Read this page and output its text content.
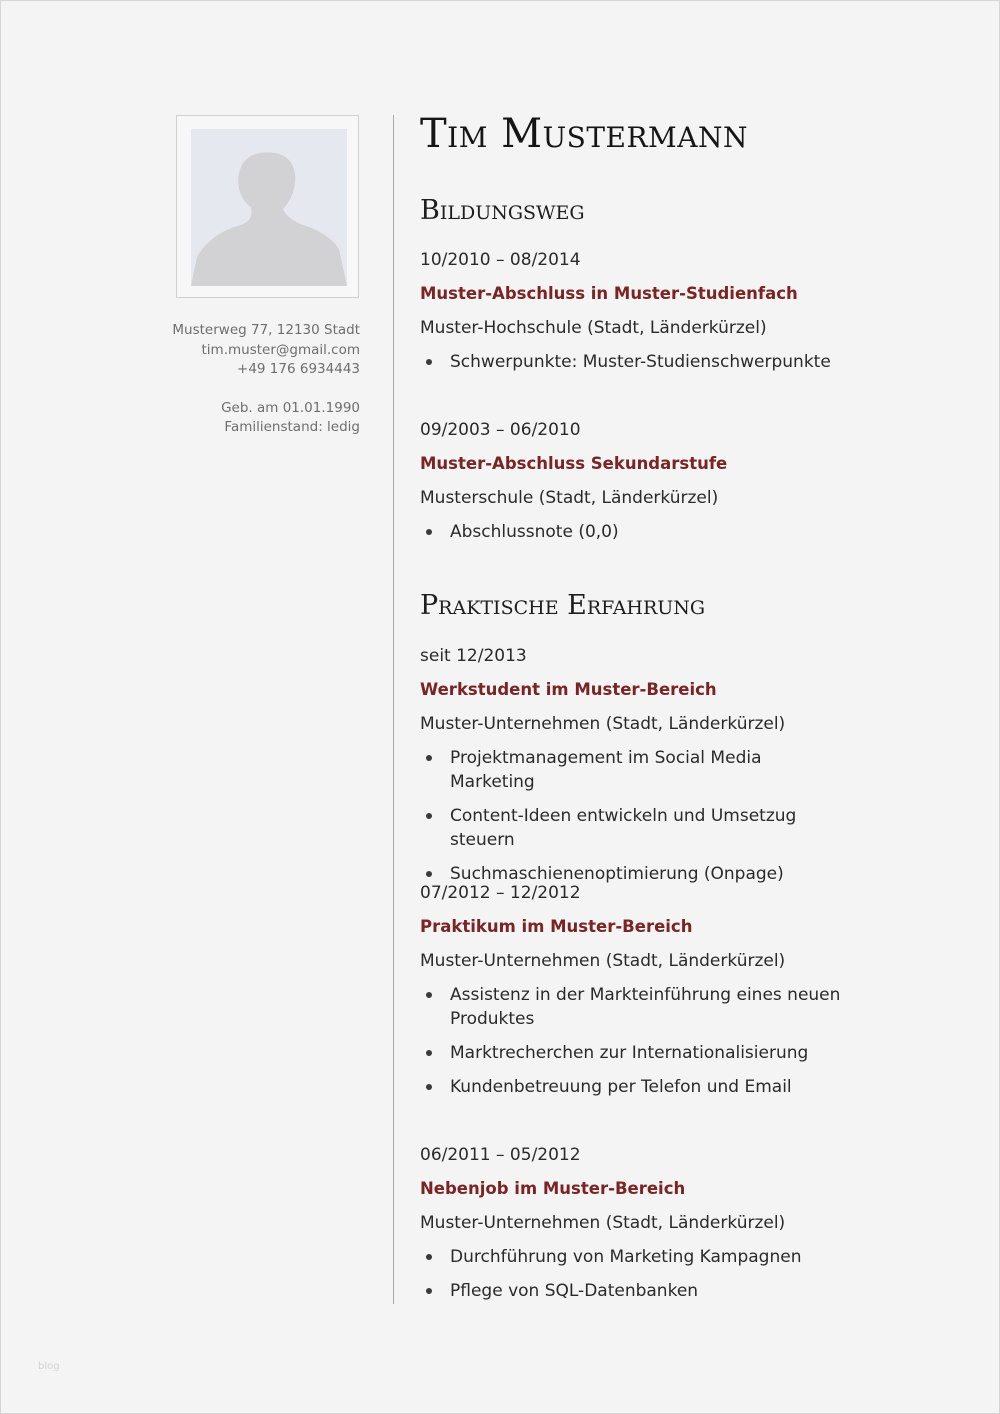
Musterweg 77, 12130 Stadt
tim.muster@gmail.com
+49 176 6934443
Geb. am 01.01.1990
Familienstand: ledig
Tim Mustermann
Bildungsweg
10/2010 – 08/2014
Muster-Abschluss in Muster-Studienfach
Muster-Hochschule (Stadt, Länderkürzel)
Schwerpunkte: Muster-Studienschwerpunkte
09/2003 – 06/2010
Muster-Abschluss Sekundarstufe
Musterschule (Stadt, Länderkürzel)
Abschlussnote (0,0)
Praktische Erfahrung
seit 12/2013
Werkstudent im Muster-Bereich
Muster-Unternehmen (Stadt, Länderkürzel)
Projektmanagement im Social Media Marketing
Content-Ideen entwickeln und Umsetzug steuern
Suchmaschienenoptimierung (Onpage)
07/2012 – 12/2012
Praktikum im Muster-Bereich
Muster-Unternehmen (Stadt, Länderkürzel)
Assistenz in der Markteinführung eines neuen Produktes
Marktrecherchen zur Internationalisierung
Kundenbetreuung per Telefon und Email
06/2011 – 05/2012
Nebenjob im Muster-Bereich
Muster-Unternehmen (Stadt, Länderkürzel)
Durchführung von Marketing Kampagnen
Pflege von SQL-Datenbanken
blog
